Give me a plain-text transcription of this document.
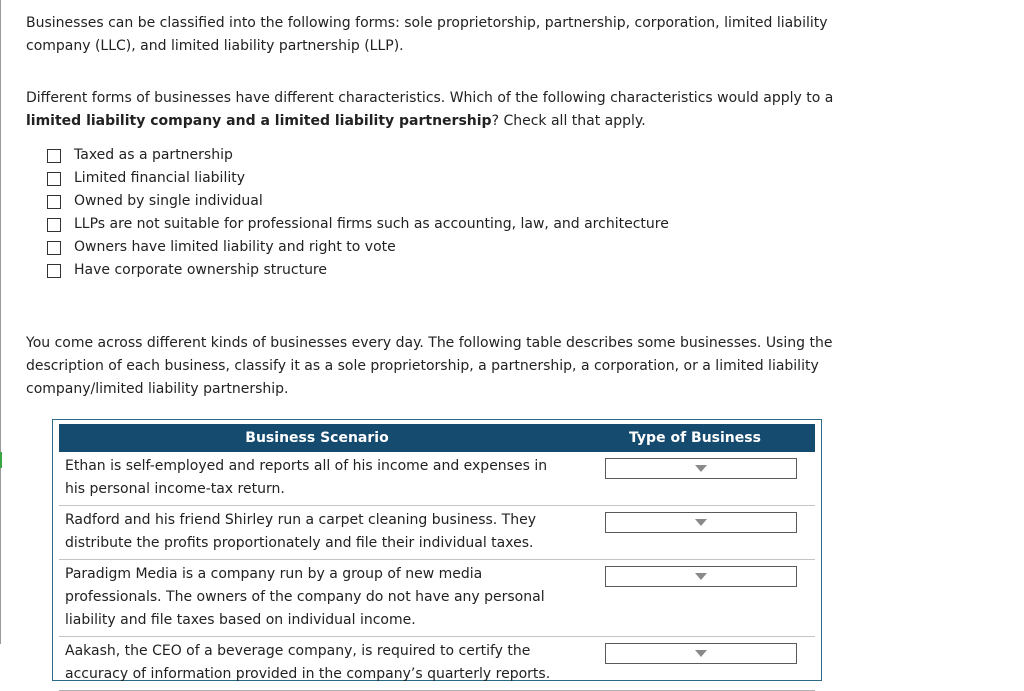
Businesses can be classified into the following forms: sole proprietorship, partnership, corporation, limited liability company (LLC), and limited liability partnership (LLP).

Different forms of businesses have different characteristics. Which of the following characteristics would apply to a limited liability company and a limited liability partnership? Check all that apply.

Taxed as a partnership
Limited financial liability
Owned by single individual
LLPs are not suitable for professional firms such as accounting, law, and architecture
Owners have limited liability and right to vote
Have corporate ownership structure

You come across different kinds of businesses every day. The following table describes some businesses. Using the description of each business, classify it as a sole proprietorship, a partnership, a corporation, or a limited liability company/limited liability partnership.

Business Scenario	Type of Business
Ethan is self-employed and reports all of his income and expenses in his personal income-tax return.
Radford and his friend Shirley run a carpet cleaning business. They distribute the profits proportionately and file their individual taxes.
Paradigm Media is a company run by a group of new media professionals. The owners of the company do not have any personal liability and file taxes based on individual income.
Aakash, the CEO of a beverage company, is required to certify the accuracy of information provided in the company’s quarterly reports.
